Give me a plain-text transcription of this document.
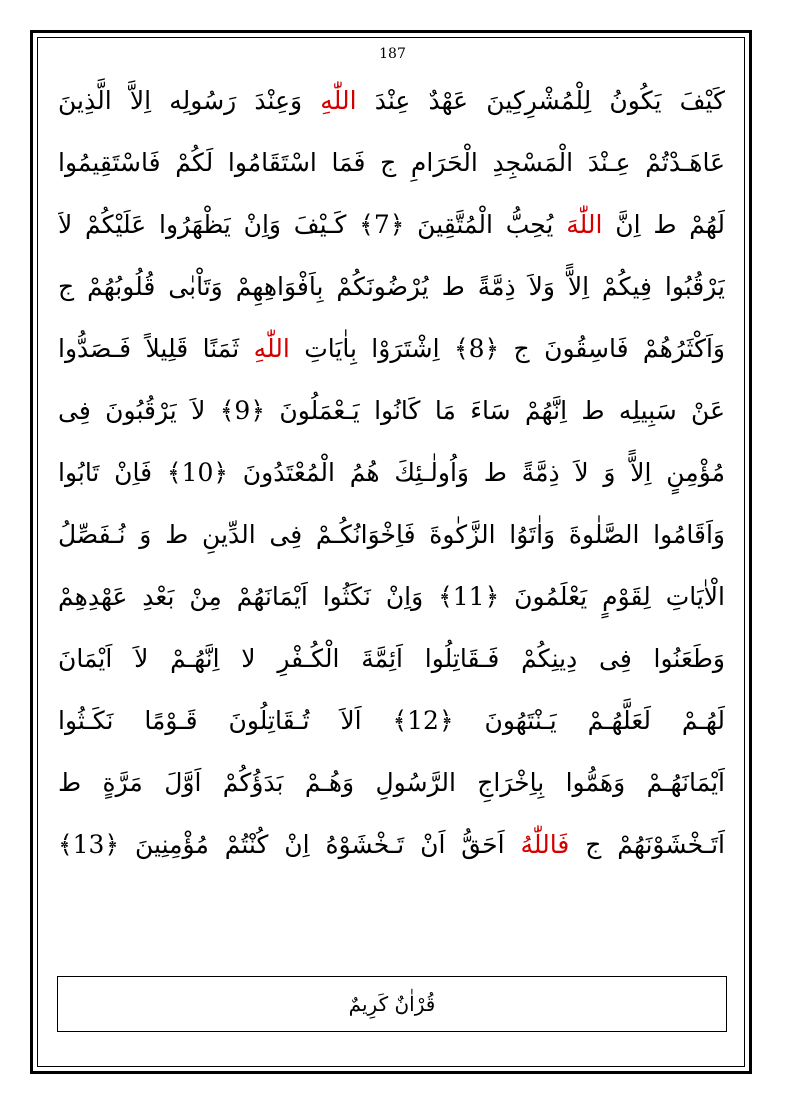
187
كَيْفَ يَكُونُ لِلْمُشْرِكِينَ عَهْدٌ عِنْدَ اللّٰهِ وَعِنْدَ رَسُولِه اِلاَّ الَّذِينَ
عَاهَـدْتُمْ عِـنْدَ الْمَسْجِدِ الْحَرَامِ ج فَمَا اسْتَقَامُوا لَكُمْ فَاسْتَقِيمُوا
لَهُمْ ط اِنَّ اللّٰهَ يُحِبُّ الْمُتَّقِينَ ﴿7﴾ كَـيْفَ وَاِنْ يَظْهَرُوا عَلَيْكُمْ لاَ
يَرْقُبُوا فِيكُمْ اِلاًّ وَلاَ ذِمَّةً ط يُرْضُونَكُمْ بِاَفْوَاهِهِمْ وَتَاْبٰى قُلُوبُهُمْ ج
وَاَكْثَرُهُمْ فَاسِقُونَ ج ﴿8﴾ اِشْتَرَوْا بِاٰيَاتِ اللّٰهِ ثَمَنًا قَلِيلاً فَـصَدُّوا
عَنْ سَبِيلِه ط اِنَّهُمْ سَاءَ مَا كَانُوا يَـعْمَلُونَ ﴿9﴾ لاَ يَرْقُبُونَ فِى
مُؤْمِنٍ اِلاًّ وَ لاَ ذِمَّةً ط وَاُولٰـئِكَ هُمُ الْمُعْتَدُونَ ﴿10﴾ فَاِنْ تَابُوا
وَاَقَامُوا الصَّلٰوةَ وَاٰتَوُا الزَّكٰوةَ فَاِخْوَانُكُـمْ فِى الدِّينِ ط وَ نُـفَصِّلُ
الْاٰيَاتِ لِقَوْمٍ يَعْلَمُونَ ﴿11﴾ وَاِنْ نَكَثُوا اَيْمَانَهُمْ مِنْ بَعْدِ عَهْدِهِمْ
وَطَعَنُوا فِى دِينِكُمْ فَـقَاتِلُوا اَئِمَّةَ الْكُـفْرِ لا اِنَّهُـمْ لاَ اَيْمَانَ
لَهُـمْ لَعَلَّهُـمْ يَـنْتَهُونَ ﴿12﴾ اَلاَ تُـقَاتِلُونَ قَـوْمًا نَكَـثُوا
اَيْمَانَهُـمْ وَهَمُّوا بِاِخْرَاجِ الرَّسُولِ وَهُـمْ بَدَؤُكُمْ اَوَّلَ مَرَّةٍ ط
اَتَـخْشَوْنَهُمْ ج فَاللّٰهُ اَحَقُّ اَنْ تَـخْشَوْهُ اِنْ كُنْتُمْ مُؤْمِنِينَ ﴿13﴾
قُرْاٰنٌ كَرِيمٌ
